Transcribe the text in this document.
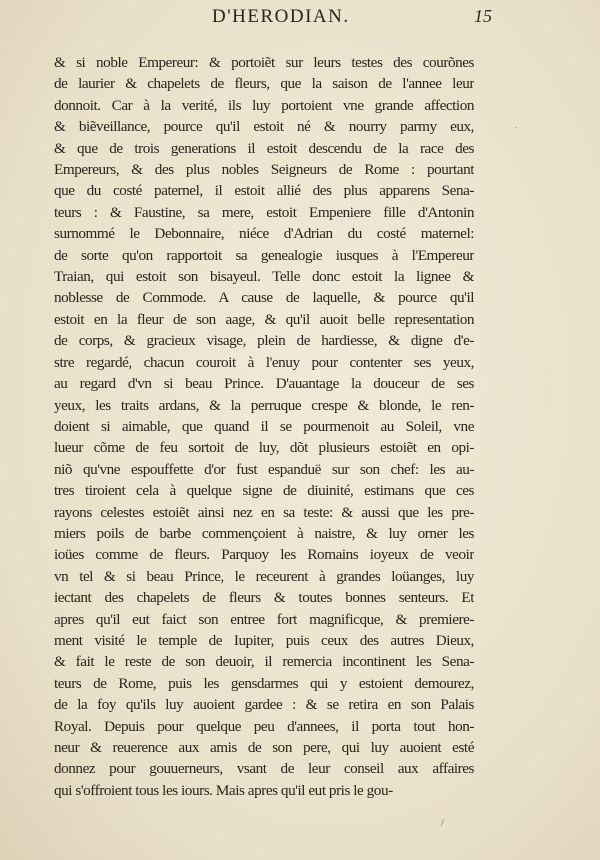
D'HERODIAN.	15
& si noble Empereur: & portoiẽt sur leurs testes des courõnes
de laurier & chapelets de fleurs, que la saison de l'annee leur
donnoit. Car à la verité, ils luy portoient vne grande affection
& biẽveillance, pource qu'il estoit né & nourry parmy eux,
& que de trois generations il estoit descendu de la race des
Empereurs, & des plus nobles Seigneurs de Rome : pourtant
que du costé paternel, il estoit allié des plus apparens Sena-
teurs : & Faustine, sa mere, estoit Empeniere fille d'Antonin
surnommé le Debonnaire, niéce d'Adrian du costé maternel:
de sorte qu'on rapportoit sa genealogie iusques à l'Empereur
Traian, qui estoit son bisayeul. Telle donc estoit la lignee &
noblesse de Commode. A cause de laquelle, & pource qu'il
estoit en la fleur de son aage, & qu'il auoit belle representation
de corps, & gracieux visage, plein de hardiesse, & digne d'e-
stre regardé, chacun couroit à l'enuy pour contenter ses yeux,
au regard d'vn si beau Prince. D'auantage la douceur de ses
yeux, les traits ardans, & la perruque crespe & blonde, le ren-
doient si aimable, que quand il se pourmenoit au Soleil, vne
lueur cõme de feu sortoit de luy, dõt plusieurs estoiẽt en opi-
niõ qu'vne espouffette d'or fust espanduë sur son chef: les au-
tres tiroient cela à quelque signe de diuinité, estimans que ces
rayons celestes estoiẽt ainsi nez en sa teste: & aussi que les pre-
miers poils de barbe commençoient à naistre, & luy orner les
ioües comme de fleurs. Parquoy les Romains ioyeux de veoir
vn tel & si beau Prince, le receurent à grandes loüanges, luy
iectant des chapelets de fleurs & toutes bonnes senteurs. Et
apres qu'il eut faict son entree fort magnificque, & premiere-
ment visité le temple de Iupiter, puis ceux des autres Dieux,
& fait le reste de son deuoir, il remercia incontinent les Sena-
teurs de Rome, puis les gensdarmes qui y estoient demourez,
de la foy qu'ils luy auoient gardee : & se retira en son Palais
Royal. Depuis pour quelque peu d'annees, il porta tout hon-
neur & reuerence aux amis de son pere, qui luy auoient esté
donnez pour gouuerneurs, vsant de leur conseil aux affaires
qui s'offroient tous les iours. Mais apres qu'il eut pris le gou-
ˎ
/
